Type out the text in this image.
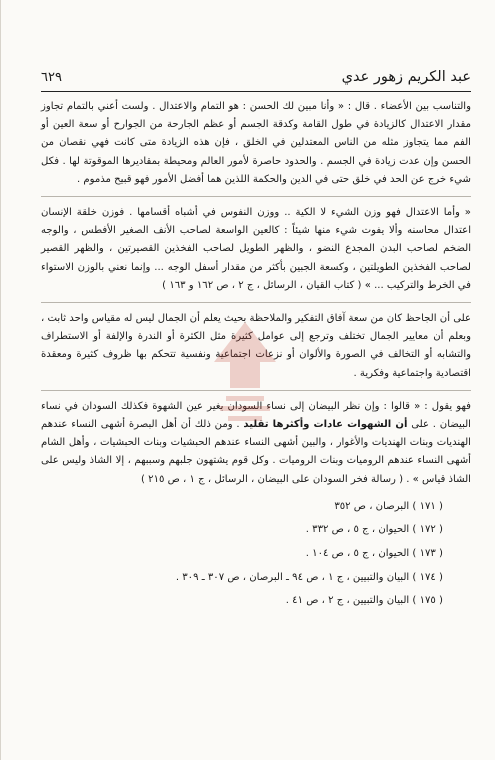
عبد الكريم زهور عدي
٦٢٩

والتناسب بين الأعضاء . قال : « وأنا مبين لك الحسن : هو التمام والاعتدال . ولست أعني بالتمام تجاوز مقدار الاعتدال كالزيادة في طول القامة وكدقة الجسم أو عظم الجارحة من الجوارح أو سعة العين أو الفم مما يتجاوز مثله من الناس المعتدلين في الخلق ، فإن هذه الزيادة متى كانت فهي نقصان من الحسن وإن عدت زيادة في الجسم . والحدود حاصرة لأمور العالم ومحيطة بمقاديرها الموقوتة لها . فكل شيء خرج عن الحد في خلق حتى في الدين والحكمة اللذين هما أفضل الأمور فهو قبيح مذموم .

« وأما الاعتدال فهو وزن الشيء لا الكية .. ووزن النفوس في أشباه أقسامها . فوزن خلقة الإنسان اعتدال محاسنه وألا يفوت شيء منها شيئاً : كالعين الواسعة لصاحب الأنف الصغير الأفطس ، والوجه الضخم لصاحب البدن المجدع النضو ، والظهر الطويل لصاحب الفخذين القصيرتين ، والظهر القصير لصاحب الفخذين الطويلتين ، وكسعة الجبين بأكثر من مقدار أسفل الوجه ... وإنما نعني بالوزن الاستواء في الخرط والتركيب ... » ( كتاب القيان ، الرسائل ، ج ٢ ، ص ١٦٢ و ١٦٣ )

على أن الجاحظ كان من سعة آفاق التفكير والملاحظة بحيث يعلم أن الجمال ليس له مقياس واحد ثابت ، وبعلم أن معايير الجمال تختلف وترجع إلى عوامل كثيرة مثل الكثرة أو الندرة والإلفة أو الاستطراف والتشابه أو التخالف في الصورة والألوان أو نزعات اجتماعية ونفسية تتحكم بها ظروف كثيرة ومعقدة اقتصادية واجتماعية وفكرية .

فهو يقول : « قالوا : وإن نظر البيضان إلى نساء السودان بغير عين الشهوة فكذلك السودان في نساء البيضان . على أن الشهوات عادات وأكثرها تقليد . ومن ذلك أن أهل البصرة أشهى النساء عندهم الهنديات وبنات الهنديات والأغوار ، والبين أشهى النساء عندهم الحبشيات وبنات الحبشيات ، وأهل الشام أشهى النساء عندهم الروميات وبنات الروميات . وكل قوم يشتهون جلبهم وسببهم ، إلا الشاذ وليس على الشاذ قياس » . ( رسالة فخر السودان على البيضان ، الرسائل ، ج ١ ، ص ٢١٥ )

( ١٧١ ) البرصان ، ص ٣٥٢
( ١٧٢ ) الحيوان ، ج ٥ ، ص ٣٣٢ .
( ١٧٣ ) الحيوان ، ج ٥ ، ص ١٠٤ .
( ١٧٤ ) البيان والتبيين ، ج ١ ، ص ٩٤ ـ البرصان ، ص ٣٠٧ ـ ٣٠٩ .
( ١٧٥ ) البيان والتبيين ، ج ٢ ، ص ٤١ .
